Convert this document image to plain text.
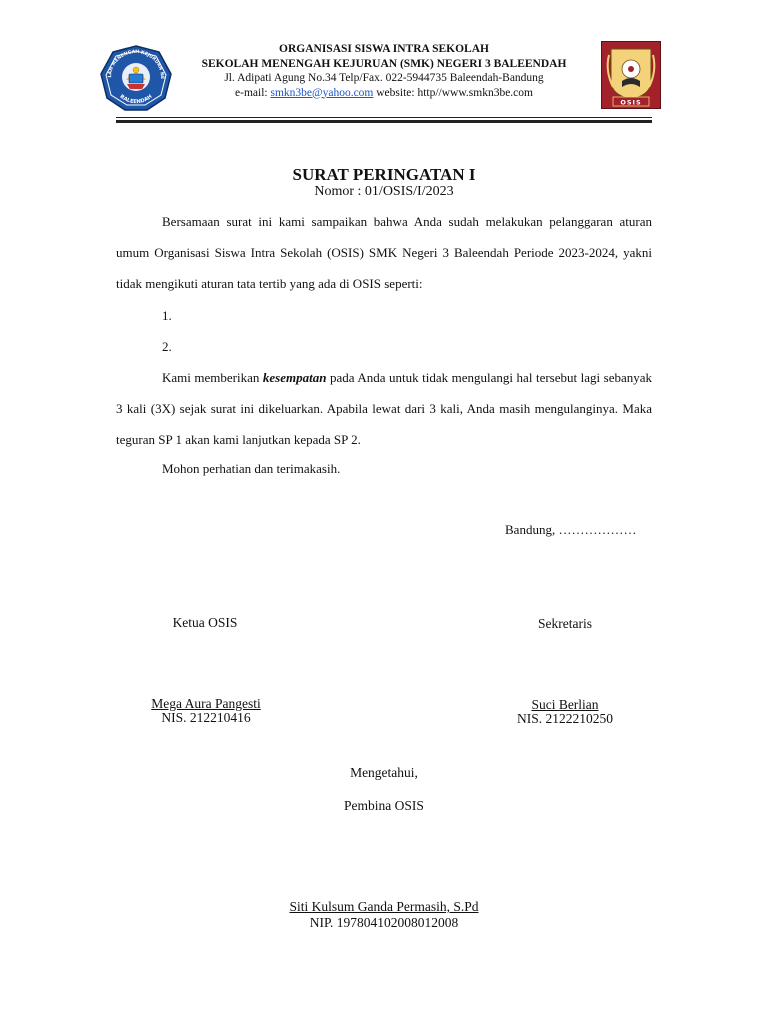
LAH MENENGAH KEJURUAN NE
BALEENDAH
ORGANISASI SISWA INTRA SEKOLAH
SEKOLAH MENENGAH KEJURUAN (SMK) NEGERI 3 BALEENDAH
Jl. Adipati Agung No.34 Telp/Fax. 022-5944735 Baleendah-Bandung
e-mail: smkn3be@yahoo.com website: http//www.smkn3be.com
OSIS
SURAT PERINGATAN I
Nomor : 01/OSIS/I/2023
Bersamaan surat ini kami sampaikan bahwa Anda sudah melakukan pelanggaran aturan umum Organisasi Siswa Intra Sekolah (OSIS) SMK Negeri 3 Baleendah Periode 2023-2024, yakni tidak mengikuti aturan tata tertib yang ada di OSIS seperti:
1.
2.
Kami memberikan kesempatan pada Anda untuk tidak mengulangi hal tersebut lagi sebanyak 3 kali (3X) sejak surat ini dikeluarkan. Apabila lewat dari 3 kali, Anda masih mengulanginya. Maka teguran SP 1 akan kami lanjutkan kepada SP 2.
Mohon perhatian dan terimakasih.
Bandung, ………………
Ketua OSIS	Sekretaris
Mega Aura Pangesti
NIS. 212210416
Suci Berlian
NIS. 2122210250
Mengetahui,
Pembina OSIS
Siti Kulsum Ganda Permasih, S.Pd
NIP. 197804102008012008
